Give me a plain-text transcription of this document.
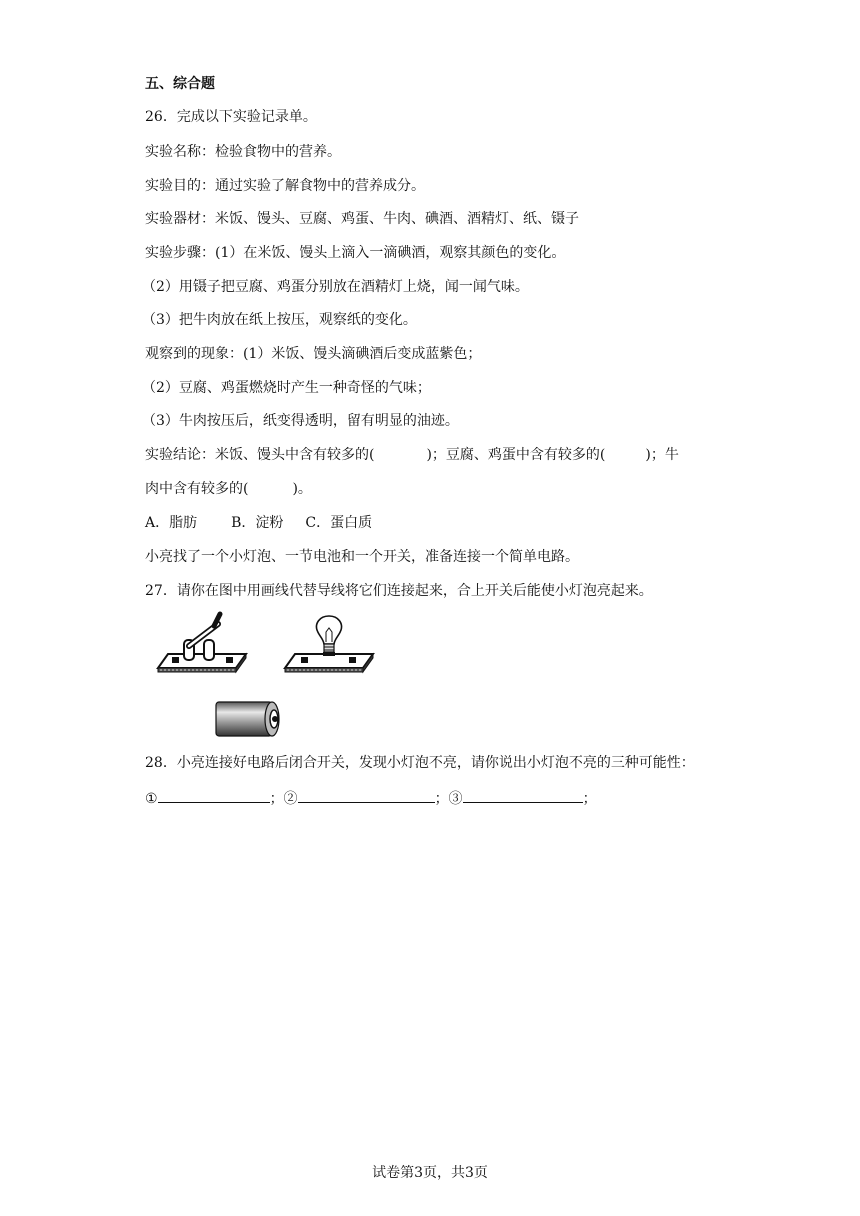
五、综合题
26．完成以下实验记录单。
实验名称：检验食物中的营养。
实验目的：通过实验了解食物中的营养成分。
实验器材：米饭、馒头、豆腐、鸡蛋、牛肉、碘酒、酒精灯、纸、镊子
实验步骤：(1）在米饭、馒头上滴入一滴碘酒，观察其颜色的变化。
（2）用镊子把豆腐、鸡蛋分别放在酒精灯上烧，闻一闻气味。
（3）把牛肉放在纸上按压，观察纸的变化。
观察到的现象：(1）米饭、馒头滴碘酒后变成蓝紫色；
（2）豆腐、鸡蛋燃烧时产生一种奇怪的气味；
（3）牛肉按压后，纸变得透明，留有明显的油迹。
实验结论：米饭、馒头中含有较多的(	)；豆腐、鸡蛋中含有较多的(	)；牛
肉中含有较多的(	)。
A．脂肪 B．淀粉 C．蛋白质
小亮找了一个小灯泡、一节电池和一个开关，准备连接一个简单电路。
27．请你在图中用画线代替导线将它们连接起来，合上开关后能使小灯泡亮起来。
28．小亮连接好电路后闭合开关，发现小灯泡不亮，请你说出小灯泡不亮的三种可能性：
①	；②	；③	；
试卷第3页，共3页
